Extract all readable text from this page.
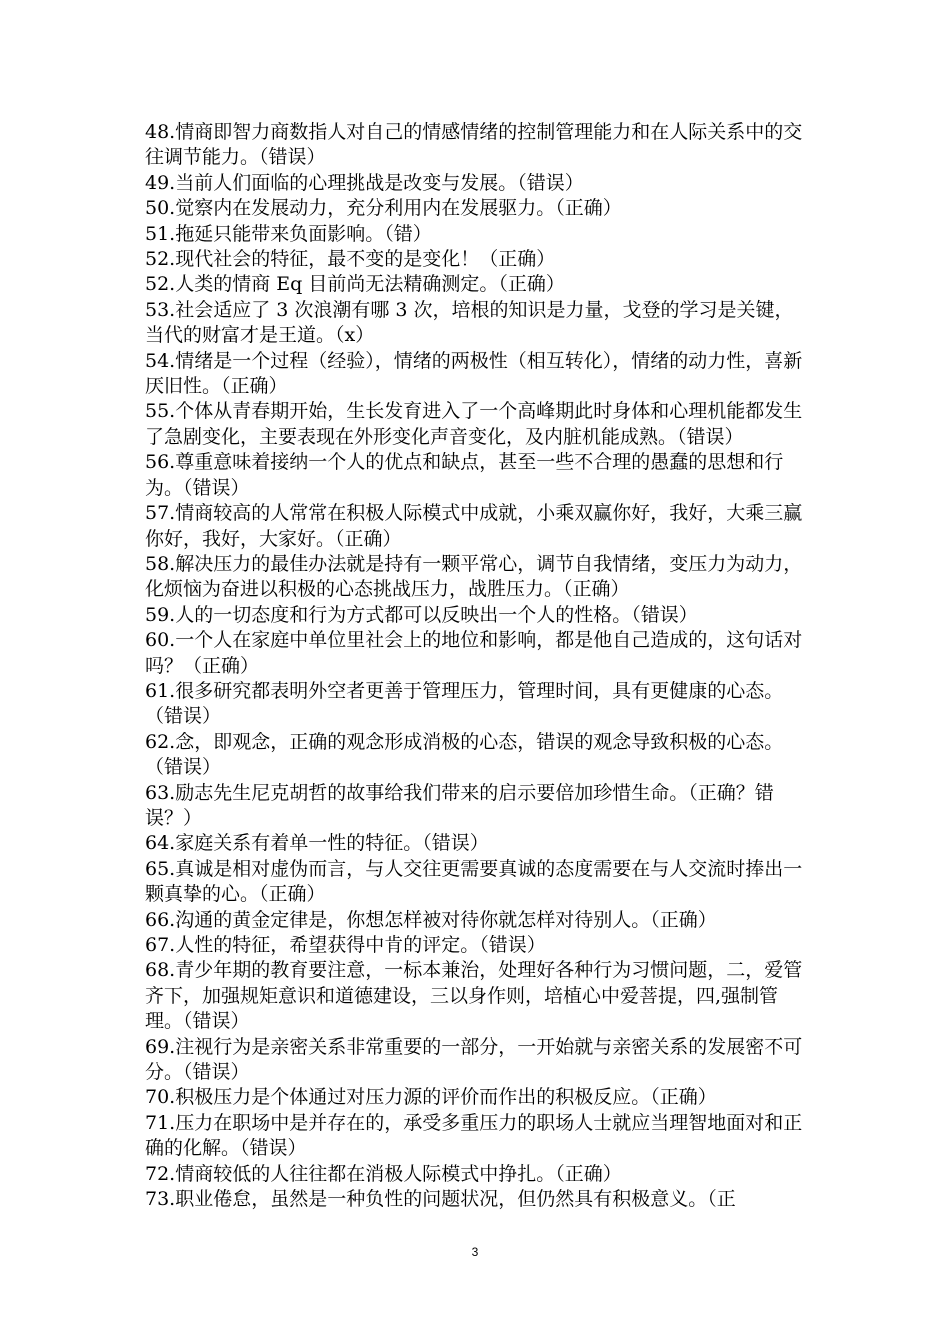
48.情商即智力商数指人对自己的情感情绪的控制管理能力和在人际关系中的交往调节能力。（错误）

49.当前人们面临的心理挑战是改变与发展。（错误）

50.觉察内在发展动力，充分利用内在发展驱力。（正确）

51.拖延只能带来负面影响。（错）

52.现代社会的特征，最不变的是变化！（正确）

52.人类的情商 Eq 目前尚无法精确测定。（正确）

53.社会适应了 3 次浪潮有哪 3 次，培根的知识是力量，戈登的学习是关键，当代的财富才是王道。（x）

54.情绪是一个过程（经验），情绪的两极性（相互转化），情绪的动力性，喜新厌旧性。（正确）

55.个体从青春期开始，生长发育进入了一个高峰期此时身体和心理机能都发生了急剧变化，主要表现在外形变化声音变化，及内脏机能成熟。（错误）

56.尊重意味着接纳一个人的优点和缺点，甚至一些不合理的愚蠢的思想和行为。（错误）

57.情商较高的人常常在积极人际模式中成就，小乘双赢你好，我好，大乘三赢你好，我好，大家好。（正确）

58.解决压力的最佳办法就是持有一颗平常心，调节自我情绪，变压力为动力，化烦恼为奋进以积极的心态挑战压力，战胜压力。（正确）

59.人的一切态度和行为方式都可以反映出一个人的性格。（错误）

60.一个人在家庭中单位里社会上的地位和影响，都是他自己造成的，这句话对吗？（正确）

61.很多研究都表明外空者更善于管理压力，管理时间，具有更健康的心态。（错误）

62.念，即观念，正确的观念形成消极的心态，错误的观念导致积极的心态。（错误）

63.励志先生尼克胡哲的故事给我们带来的启示要倍加珍惜生命。（正确？错误？）

64.家庭关系有着单一性的特征。（错误）

65.真诚是相对虚伪而言，与人交往更需要真诚的态度需要在与人交流时捧出一颗真挚的心。（正确）

66.沟通的黄金定律是，你想怎样被对待你就怎样对待别人。（正确）

67.人性的特征，希望获得中肯的评定。（错误）

68.青少年期的教育要注意，一标本兼治，处理好各种行为习惯问题，二，爱管齐下，加强规矩意识和道德建设，三以身作则，培植心中爱菩提，四,强制管理。（错误）

69.注视行为是亲密关系非常重要的一部分，一开始就与亲密关系的发展密不可分。（错误）

70.积极压力是个体通过对压力源的评价而作出的积极反应。（正确）

71.压力在职场中是并存在的，承受多重压力的职场人士就应当理智地面对和正确的化解。（错误）

72.情商较低的人往往都在消极人际模式中挣扎。（正确）

73.职业倦怠，虽然是一种负性的问题状况，但仍然具有积极意义。（正

3
